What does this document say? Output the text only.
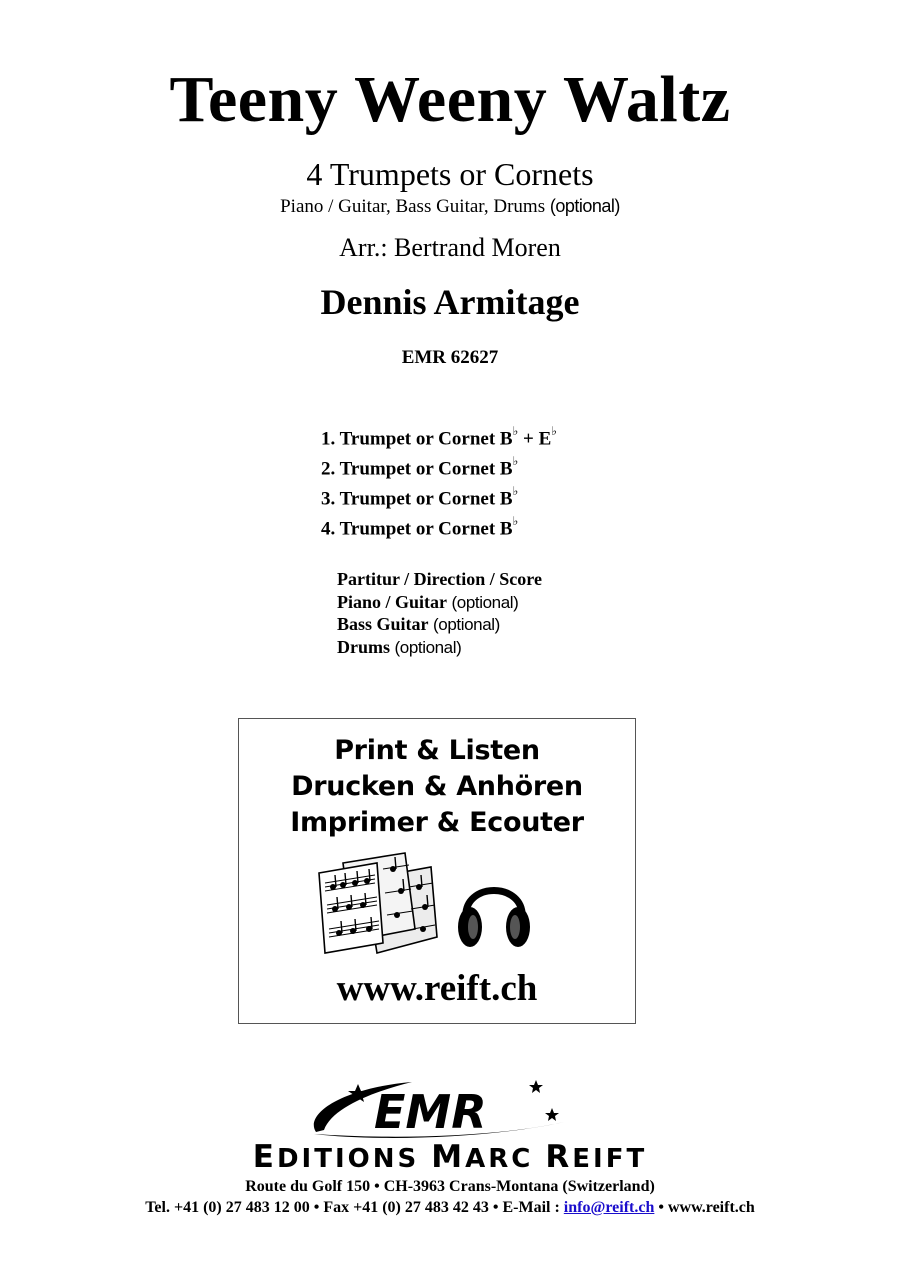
Teeny Weeny Waltz
4 Trumpets or Cornets
Piano / Guitar, Bass Guitar, Drums (optional)
Arr.: Bertrand Moren
Dennis Armitage
EMR 62627
1. Trumpet or Cornet B♭ + E♭
2. Trumpet or Cornet B♭
3. Trumpet or Cornet B♭
4. Trumpet or Cornet B♭
Partitur / Direction / Score
Piano / Guitar (optional)
Bass Guitar (optional)
Drums (optional)
Print & Listen
Drucken & Anhören
Imprimer & Ecouter
www.reift.ch
EMR
EDITIONS MARC REIFT
Route du Golf 150 • CH-3963 Crans-Montana (Switzerland)
Tel. +41 (0) 27 483 12 00 • Fax +41 (0) 27 483 42 43 • E-Mail : info@reift.ch • www.reift.ch
